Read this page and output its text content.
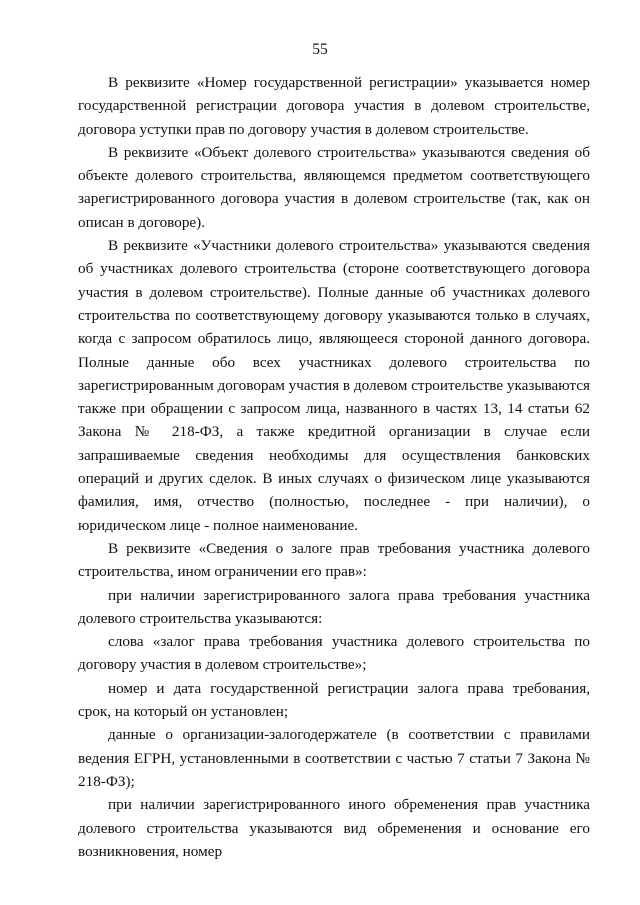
55

В реквизите «Номер государственной регистрации» указывается номер государственной регистрации договора участия в долевом строительстве, договора уступки прав по договору участия в долевом строительстве.

В реквизите «Объект долевого строительства» указываются сведения об объекте долевого строительства, являющемся предметом соответствующего зарегистрированного договора участия в долевом строительстве (так, как он описан в договоре).

В реквизите «Участники долевого строительства» указываются сведения об участниках долевого строительства (стороне соответствующего договора участия в долевом строительстве). Полные данные об участниках долевого строительства по соответствующему договору указываются только в случаях, когда с запросом обратилось лицо, являющееся стороной данного договора. Полные данные обо всех участниках долевого строительства по зарегистрированным договорам участия в долевом строительстве указываются также при обращении с запросом лица, названного в частях 13, 14 статьи 62 Закона № 218-ФЗ, а также кредитной организации в случае если запрашиваемые сведения необходимы для осуществления банковских операций и других сделок. В иных случаях о физическом лице указываются фамилия, имя, отчество (полностью, последнее - при наличии), о юридическом лице - полное наименование.

В реквизите «Сведения о залоге прав требования участника долевого строительства, ином ограничении его прав»:

при наличии зарегистрированного залога права требования участника долевого строительства указываются:

слова «залог права требования участника долевого строительства по договору участия в долевом строительстве»;

номер и дата государственной регистрации залога права требования, срок, на который он установлен;

данные о организации-залогодержателе (в соответствии с правилами ведения ЕГРН, установленными в соответствии с частью 7 статьи 7 Закона № 218-ФЗ);

при наличии зарегистрированного иного обременения прав участника долевого строительства указываются вид обременения и основание его возникновения, номер
